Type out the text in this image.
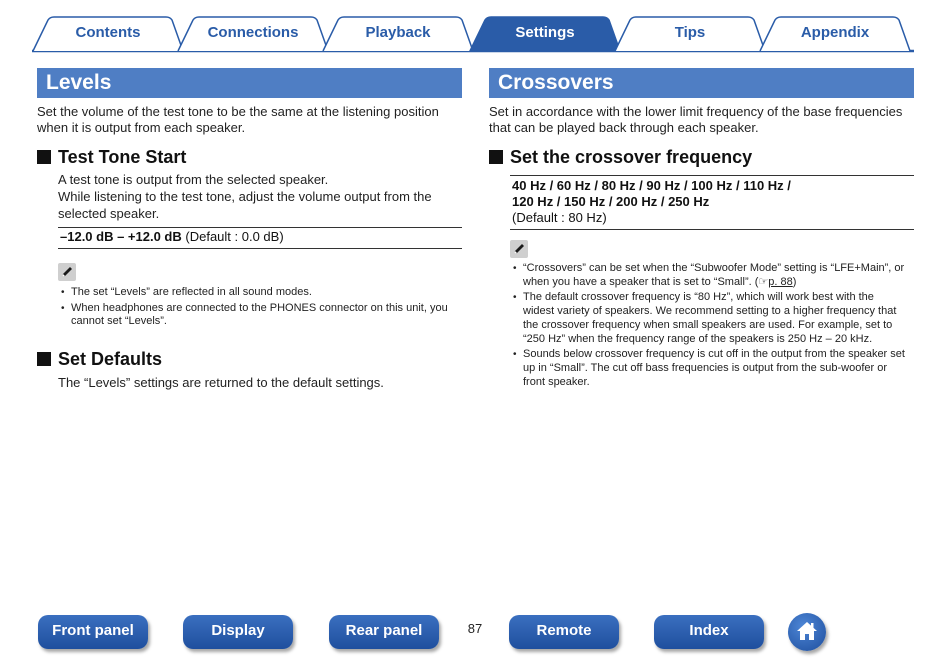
Contents	Connections	Playback	Settings	Tips	Appendix
Levels
Set the volume of the test tone to be the same at the listening position
when it is output from each speaker.
Test Tone Start
A test tone is output from the selected speaker.
While listening to the test tone, adjust the volume output from the
selected speaker.
–12.0 dB – +12.0 dB (Default : 0.0 dB)
• The set “Levels” are reflected in all sound modes.
• When headphones are connected to the PHONES connector on this unit, you
cannot set “Levels”.
Set Defaults
The “Levels” settings are returned to the default settings.
Crossovers
Set in accordance with the lower limit frequency of the base frequencies
that can be played back through each speaker.
Set the crossover frequency
40 Hz / 60 Hz / 80 Hz / 90 Hz / 100 Hz / 110 Hz /
120 Hz / 150 Hz / 200 Hz / 250 Hz
(Default : 80 Hz)
• “Crossovers” can be set when the “Subwoofer Mode” setting is “LFE+Main”, or
when you have a speaker that is set to “Small”. (☞p. 88)
• The default crossover frequency is “80 Hz”, which will work best with the
widest variety of speakers. We recommend setting to a higher frequency that
the crossover frequency when small speakers are used. For example, set to
“250 Hz” when the frequency range of the speakers is 250 Hz – 20 kHz.
• Sounds below crossover frequency is cut off in the output from the speaker set
up in “Small”. The cut off bass frequencies is output from the sub-woofer or
front speaker.
Front panel	Display	Rear panel	87	Remote	Index
